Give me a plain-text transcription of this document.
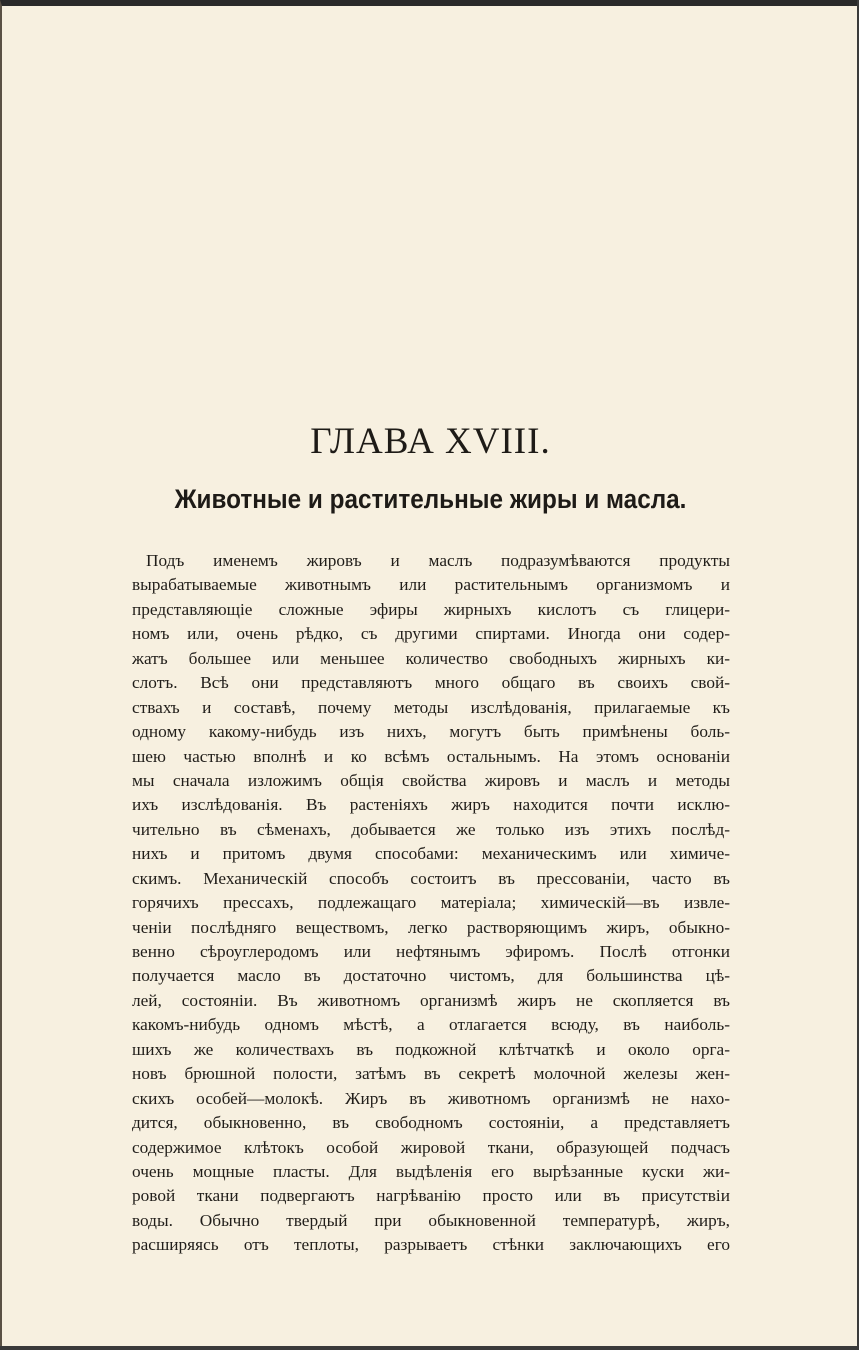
ГЛАВА XVIII.
Животные и растительные жиры и масла.
Подъ именемъ жировъ и маслъ подразумѣваются продукты
вырабатываемые животнымъ или растительнымъ организмомъ и
представляющіе сложные эфиры жирныхъ кислотъ съ глицери-
номъ или, очень рѣдко, съ другими спиртами. Иногда они содер-
жатъ большее или меньшее количество свободныхъ жирныхъ ки-
слотъ. Всѣ они представляютъ много общаго въ своихъ свой-
ствахъ и составѣ, почему методы изслѣдованія, прилагаемые къ
одному какому-нибудь изъ нихъ, могутъ быть примѣнены боль-
шею частью вполнѣ и ко всѣмъ остальнымъ. На этомъ основаніи
мы сначала изложимъ общія свойства жировъ и маслъ и методы
ихъ изслѣдованія. Въ растеніяхъ жиръ находится почти исклю-
чительно въ сѣменахъ, добывается же только изъ этихъ послѣд-
нихъ и притомъ двумя способами: механическимъ или химиче-
скимъ. Механическій способъ состоитъ въ прессованіи, часто въ
горячихъ прессахъ, подлежащаго матеріала; химическій—въ извле-
ченіи послѣдняго веществомъ, легко растворяющимъ жиръ, обыкно-
венно сѣроуглеродомъ или нефтянымъ эфиромъ. Послѣ отгонки
получается масло въ достаточно чистомъ, для большинства цѣ-
лей, состояніи. Въ животномъ организмѣ жиръ не скопляется въ
какомъ-нибудь одномъ мѣстѣ, а отлагается всюду, въ наиболь-
шихъ же количествахъ въ подкожной клѣтчаткѣ и около орга-
новъ брюшной полости, затѣмъ въ секретѣ молочной железы жен-
скихъ особей—молокѣ. Жиръ въ животномъ организмѣ не нахо-
дится, обыкновенно, въ свободномъ состояніи, а представляетъ
содержимое клѣтокъ особой жировой ткани, образующей подчасъ
очень мощные пласты. Для выдѣленія его вырѣзанные куски жи-
ровой ткани подвергаютъ нагрѣванію просто или въ присутствіи
воды. Обычно твердый при обыкновенной температурѣ, жиръ,
расширяясь отъ теплоты, разрываетъ стѣнки заключающихъ его
